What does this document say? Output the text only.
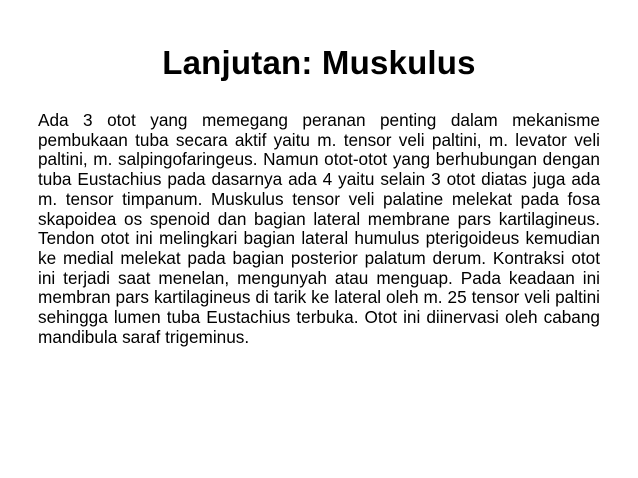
Lanjutan: Muskulus

Ada 3 otot yang memegang peranan penting dalam mekanisme pembukaan tuba secara aktif yaitu m. tensor veli paltini, m. levator veli paltini, m. salpingofaringeus. Namun otot-otot yang berhubungan dengan tuba Eustachius pada dasarnya ada 4 yaitu selain 3 otot diatas juga ada m. tensor timpanum. Muskulus tensor veli palatine melekat pada fosa skapoidea os spenoid dan bagian lateral membrane pars kartilagineus. Tendon otot ini melingkari bagian lateral humulus pterigoideus kemudian ke medial melekat pada bagian posterior palatum derum. Kontraksi otot ini terjadi saat menelan, mengunyah atau menguap. Pada keadaan ini membran pars kartilagineus di tarik ke lateral oleh m. 25 tensor veli paltini sehingga lumen tuba Eustachius terbuka. Otot ini diinervasi oleh cabang mandibula saraf trigeminus.
